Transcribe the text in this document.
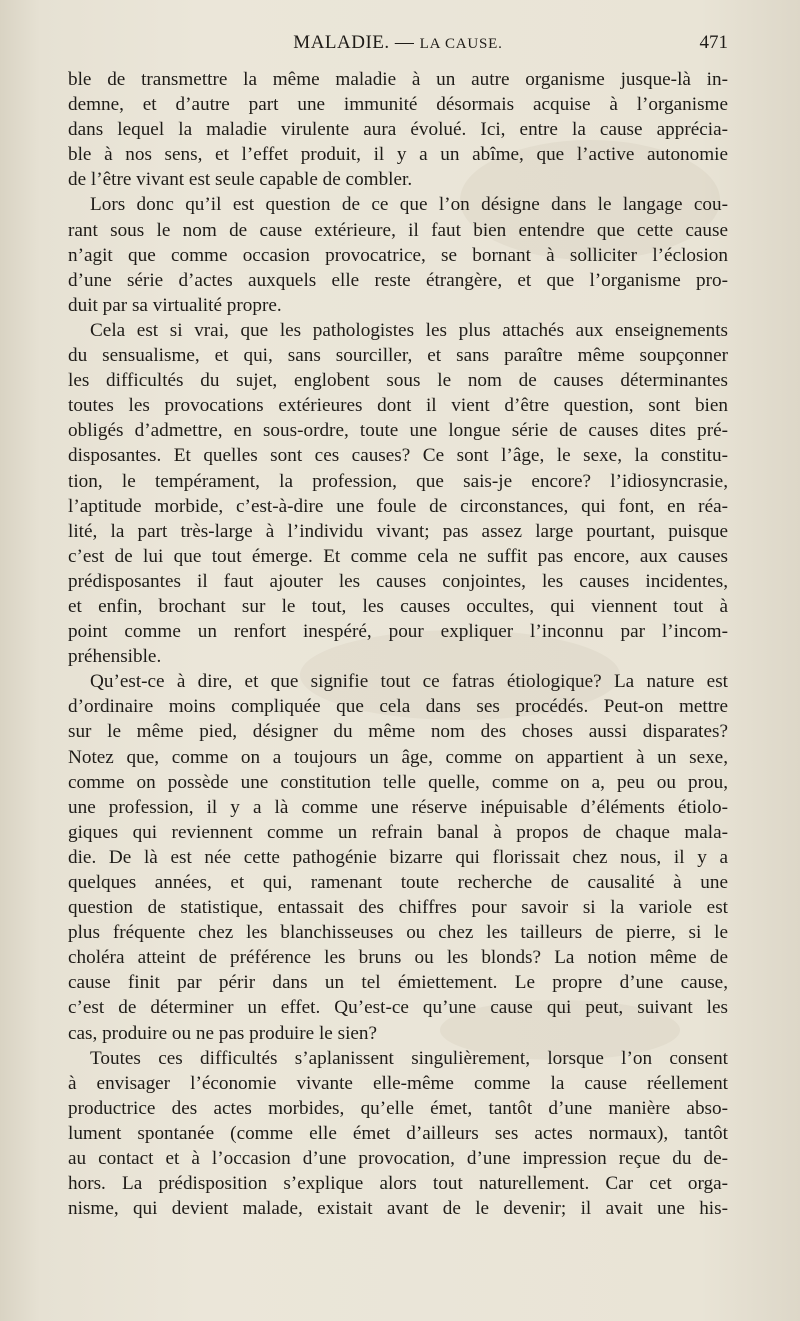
MALADIE. — LA CAUSE.	471
ble de transmettre la même maladie à un autre organisme jusque-là in-
demne, et d’autre part une immunité désormais acquise à l’organisme
dans lequel la maladie virulente aura évolué. Ici, entre la cause apprécia-
ble à nos sens, et l’effet produit, il y a un abîme, que l’active autonomie
de l’être vivant est seule capable de combler.
Lors donc qu’il est question de ce que l’on désigne dans le langage cou-
rant sous le nom de cause extérieure, il faut bien entendre que cette cause
n’agit que comme occasion provocatrice, se bornant à solliciter l’éclosion
d’une série d’actes auxquels elle reste étrangère, et que l’organisme pro-
duit par sa virtualité propre.
Cela est si vrai, que les pathologistes les plus attachés aux enseignements
du sensualisme, et qui, sans sourciller, et sans paraître même soupçonner
les difficultés du sujet, englobent sous le nom de causes déterminantes
toutes les provocations extérieures dont il vient d’être question, sont bien
obligés d’admettre, en sous-ordre, toute une longue série de causes dites pré-
disposantes. Et quelles sont ces causes? Ce sont l’âge, le sexe, la constitu-
tion, le tempérament, la profession, que sais-je encore? l’idiosyncrasie,
l’aptitude morbide, c’est-à-dire une foule de circonstances, qui font, en réa-
lité, la part très-large à l’individu vivant; pas assez large pourtant, puisque
c’est de lui que tout émerge. Et comme cela ne suffit pas encore, aux causes
prédisposantes il faut ajouter les causes conjointes, les causes incidentes,
et enfin, brochant sur le tout, les causes occultes, qui viennent tout à
point comme un renfort inespéré, pour expliquer l’inconnu par l’incom-
préhensible.
Qu’est-ce à dire, et que signifie tout ce fatras étiologique? La nature est
d’ordinaire moins compliquée que cela dans ses procédés. Peut-on mettre
sur le même pied, désigner du même nom des choses aussi disparates?
Notez que, comme on a toujours un âge, comme on appartient à un sexe,
comme on possède une constitution telle quelle, comme on a, peu ou prou,
une profession, il y a là comme une réserve inépuisable d’éléments étiolo-
giques qui reviennent comme un refrain banal à propos de chaque mala-
die. De là est née cette pathogénie bizarre qui florissait chez nous, il y a
quelques années, et qui, ramenant toute recherche de causalité à une
question de statistique, entassait des chiffres pour savoir si la variole est
plus fréquente chez les blanchisseuses ou chez les tailleurs de pierre, si le
choléra atteint de préférence les bruns ou les blonds? La notion même de
cause finit par périr dans un tel émiettement. Le propre d’une cause,
c’est de déterminer un effet. Qu’est-ce qu’une cause qui peut, suivant les
cas, produire ou ne pas produire le sien?
Toutes ces difficultés s’aplanissent singulièrement, lorsque l’on consent
à envisager l’économie vivante elle-même comme la cause réellement
productrice des actes morbides, qu’elle émet, tantôt d’une manière abso-
lument spontanée (comme elle émet d’ailleurs ses actes normaux), tantôt
au contact et à l’occasion d’une provocation, d’une impression reçue du de-
hors. La prédisposition s’explique alors tout naturellement. Car cet orga-
nisme, qui devient malade, existait avant de le devenir; il avait une his-
